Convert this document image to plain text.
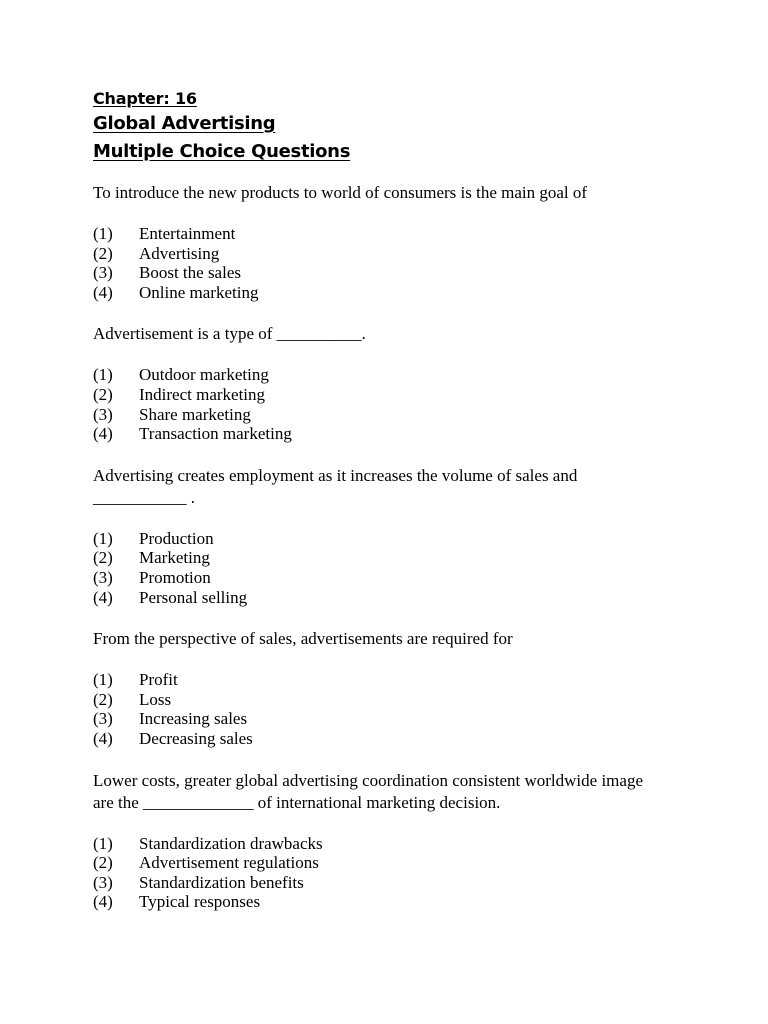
Chapter: 16
Global Advertising
Multiple Choice Questions

To introduce the new products to world of consumers is the main goal of

(1)	Entertainment
(2)	Advertising
(3)	Boost the sales
(4)	Online marketing

Advertisement is a type of __________.

(1)	Outdoor marketing
(2)	Indirect marketing
(3)	Share marketing
(4)	Transaction marketing

Advertising creates employment as it increases the volume of sales and ___________ .

(1)	Production
(2)	Marketing
(3)	Promotion
(4)	Personal selling

From the perspective of sales, advertisements are required for

(1)	Profit
(2)	Loss
(3)	Increasing sales
(4)	Decreasing sales

Lower costs, greater global advertising coordination consistent worldwide image are the _____________ of international marketing decision.

(1)	Standardization drawbacks
(2)	Advertisement regulations
(3)	Standardization benefits
(4)	Typical responses
